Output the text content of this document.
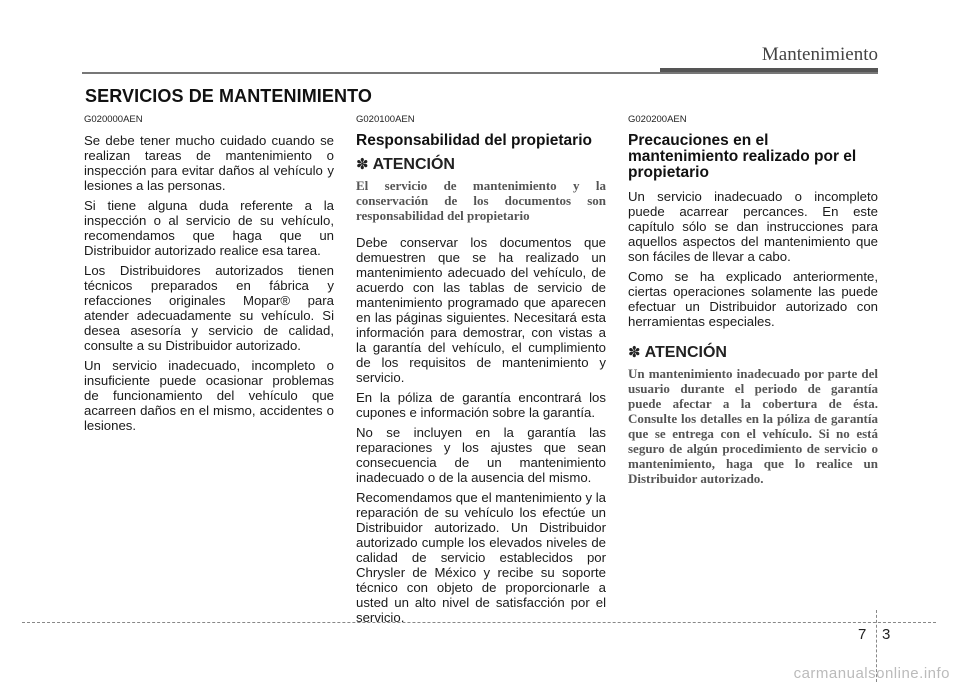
Mantenimiento
SERVICIOS DE MANTENIMIENTO

G020000AEN

Se debe tener mucho cuidado cuando se realizan tareas de mantenimiento o inspección para evitar daños al vehículo y lesiones a las personas.

Si tiene alguna duda referente a la inspección o al servicio de su vehículo, recomendamos que haga que un Distribuidor autorizado realice esa tarea.

Los Distribuidores autorizados tienen técnicos preparados en fábrica y refacciones originales Mopar® para atender adecuadamente su vehículo. Si desea asesoría y servicio de calidad, consulte a su Distribuidor autorizado.

Un servicio inadecuado, incompleto o insuficiente puede ocasionar problemas de funcionamiento del vehículo que acarreen daños en el mismo, accidentes o lesiones.

G020100AEN

Responsabilidad del propietario
✽ ATENCIÓN

El servicio de mantenimiento y la conservación de los documentos son responsabilidad del propietario

Debe conservar los documentos que demuestren que se ha realizado un mantenimiento adecuado del vehículo, de acuerdo con las tablas de servicio de mantenimiento programado que aparecen en las páginas siguientes. Necesitará esta información para demostrar, con vistas a la garantía del vehículo, el cumplimiento de los requisitos de mantenimiento y servicio.

En la póliza de garantía encontrará los cupones e información sobre la garantía.

No se incluyen en la garantía las reparaciones y los ajustes que sean consecuencia de un mantenimiento inadecuado o de la ausencia del mismo.

Recomendamos que el mantenimiento y la reparación de su vehículo los efectúe un Distribuidor autorizado. Un Distribuidor autorizado cumple los elevados niveles de calidad de servicio establecidos por Chrysler de México y recibe su soporte técnico con objeto de proporcionarle a usted un alto nivel de satisfacción por el servicio.

G020200AEN

Precauciones en el mantenimiento realizado por el propietario

Un servicio inadecuado o incompleto puede acarrear percances. En este capítulo sólo se dan instrucciones para aquellos aspectos del mantenimiento que son fáciles de llevar a cabo.

Como se ha explicado anteriormente, ciertas operaciones solamente las puede efectuar un Distribuidor autorizado con herramientas especiales.

✽ ATENCIÓN

Un mantenimiento inadecuado por parte del usuario durante el periodo de garantía puede afectar a la cobertura de ésta. Consulte los detalles en la póliza de garantía que se entrega con el vehículo. Si no está seguro de algún procedimiento de servicio o mantenimiento, haga que lo realice un Distribuidor autorizado.

7 3
carmanualsonline.info
